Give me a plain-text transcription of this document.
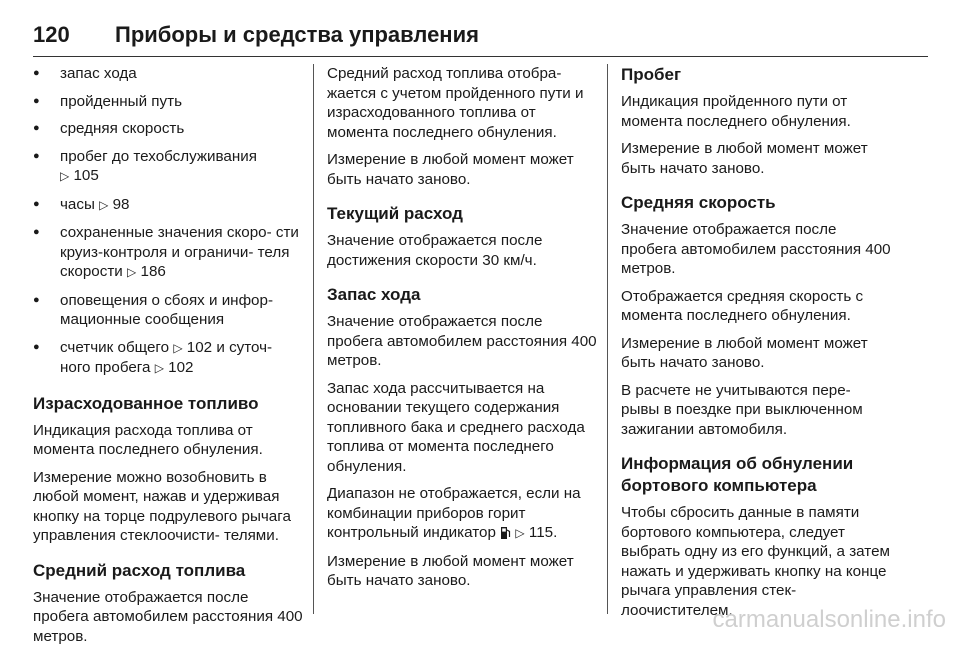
120 Приборы и средства управления
● запас хода
● пройденный путь
● средняя скорость
● пробег до техобслуживания
▷ 105
● часы ▷ 98
● сохраненные значения скоро- сти круиз-контроля и ограничи- теля скорости ▷ 186
● оповещения о сбоях и инфор- мационные сообщения
● счетчик общего ▷ 102 и суточ- ного пробега ▷ 102
Израсходованное топливо

Индикация расхода топлива от момента последнего обнуления.

Измерение можно возобновить в любой момент, нажав и удерживая кнопку на торце подрулевого рычага управления стеклоочисти- телями.

Средний расход топлива

Значение отображается после пробега автомобилем расстояния 400 метров.

Средний расход топлива отобра- жается с учетом пройденного пути и израсходованного топлива от момента последнего обнуления.

Измерение в любой момент может быть начато заново.

Текущий расход

Значение отображается после достижения скорости 30 км/ч.

Запас хода

Значение отображается после пробега автомобилем расстояния 400 метров.

Запас хода рассчитывается на основании текущего содержания топливного бака и среднего расхода топлива от момента последнего обнуления.

Диапазон не отображается, если на комбинации приборов горит контрольный индикатор ▷ 115.

Измерение в любой момент может быть начато заново.

Пробег

Индикация пройденного пути от момента последнего обнуления.

Измерение в любой момент может быть начато заново.

Средняя скорость

Значение отображается после пробега автомобилем расстояния 400 метров.

Отображается средняя скорость с момента последнего обнуления.

Измерение в любой момент может быть начато заново.

В расчете не учитываются пере- рывы в поездке при выключенном зажигании автомобиля.

Информация об обнулении бортового компьютера

Чтобы сбросить данные в памяти бортового компьютера, следует выбрать одну из его функций, а затем нажать и удерживать кнопку на конце рычага управления стек- лоочистителем.

carmanualsonline.info
